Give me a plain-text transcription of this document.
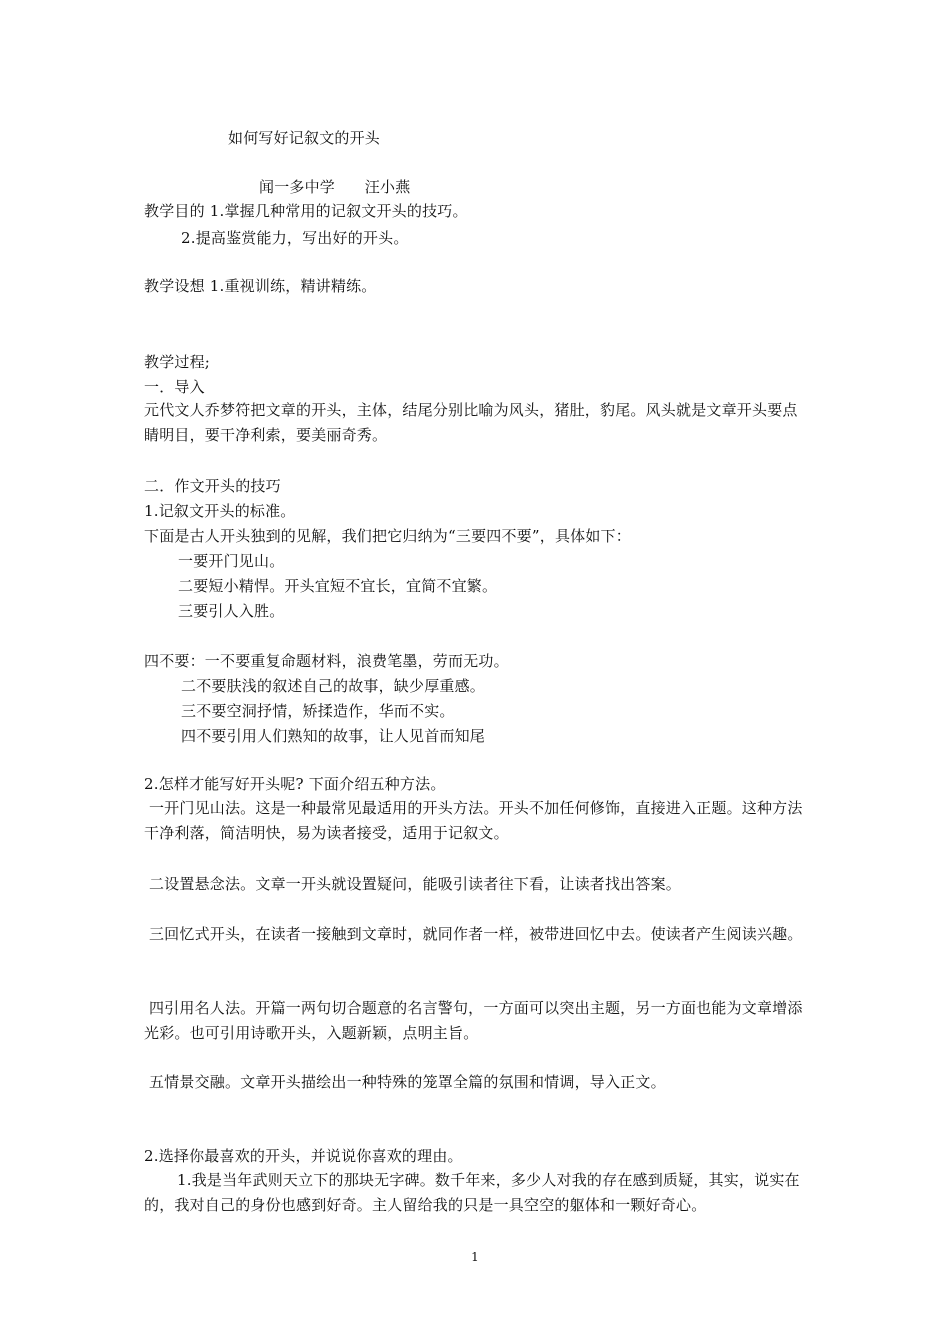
如何写好记叙文的开头
闻一多中学      汪小燕
教学目的 1.掌握几种常用的记叙文开头的技巧。
2.提高鉴赏能力，写出好的开头。
教学设想 1.重视训练，精讲精练。
教学过程;
一．导入
元代文人乔梦符把文章的开头，主体，结尾分别比喻为风头，猪肚，豹尾。风头就是文章开头要点睛明目，要干净利索，要美丽奇秀。
二．作文开头的技巧
1.记叙文开头的标准。
下面是古人开头独到的见解，我们把它归纳为“三要四不要”，具体如下：
一要开门见山。
二要短小精悍。开头宜短不宜长，宜简不宜繁。
三要引人入胜。
四不要：一不要重复命题材料，浪费笔墨，劳而无功。
二不要肤浅的叙述自己的故事，缺少厚重感。
三不要空洞抒情，矫揉造作，华而不实。
四不要引用人们熟知的故事，让人见首而知尾
2.怎样才能写好开头呢? 下面介绍五种方法。
一开门见山法。这是一种最常见最适用的开头方法。开头不加任何修饰，直接进入正题。这种方法干净利落，简洁明快，易为读者接受，适用于记叙文。
二设置悬念法。文章一开头就设置疑问，能吸引读者往下看，让读者找出答案。
三回忆式开头，在读者一接触到文章时，就同作者一样，被带进回忆中去。使读者产生阅读兴趣。
四引用名人法。开篇一两句切合题意的名言警句，一方面可以突出主题，另一方面也能为文章增添光彩。也可引用诗歌开头，入题新颖，点明主旨。
五情景交融。文章开头描绘出一种特殊的笼罩全篇的氛围和情调，导入正文。
2.选择你最喜欢的开头，并说说你喜欢的理由。
1.我是当年武则天立下的那块无字碑。数千年来，多少人对我的存在感到质疑，其实，说实在的，我对自己的身份也感到好奇。主人留给我的只是一具空空的躯体和一颗好奇心。
1
